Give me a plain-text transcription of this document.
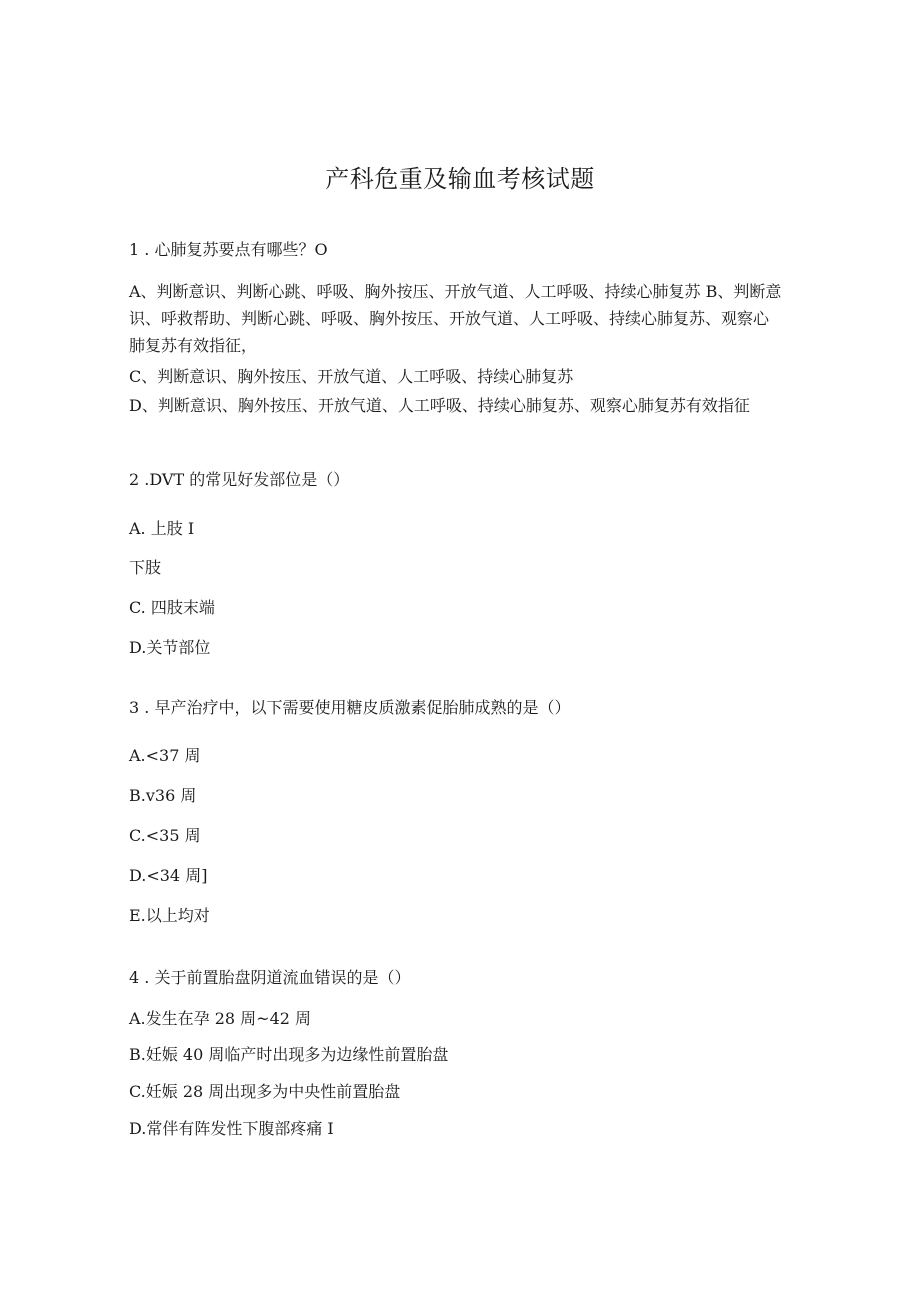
产科危重及输血考核试题
1 . 心肺复苏要点有哪些？O
A、判断意识、判断心跳、呼吸、胸外按压、开放气道、人工呼吸、持续心肺复苏 B、判断意识、呼救帮助、判断心跳、呼吸、胸外按压、开放气道、人工呼吸、持续心肺复苏、观察心肺复苏有效指征，
C、判断意识、胸外按压、开放气道、人工呼吸、持续心肺复苏
D、判断意识、胸外按压、开放气道、人工呼吸、持续心肺复苏、观察心肺复苏有效指征
2 .DVT 的常见好发部位是（）
A. 上肢 I
下肢
C. 四肢末端
D.关节部位
3 . 早产治疗中，以下需要使用糖皮质激素促胎肺成熟的是（）
A.<37 周
B.v36 周
C.<35 周
D.<34 周]
E.以上均对
4 . 关于前置胎盘阴道流血错误的是（）
A.发生在孕 28 周~42 周
B.妊娠 40 周临产时出现多为边缘性前置胎盘
C.妊娠 28 周出现多为中央性前置胎盘
D.常伴有阵发性下腹部疼痛 I
